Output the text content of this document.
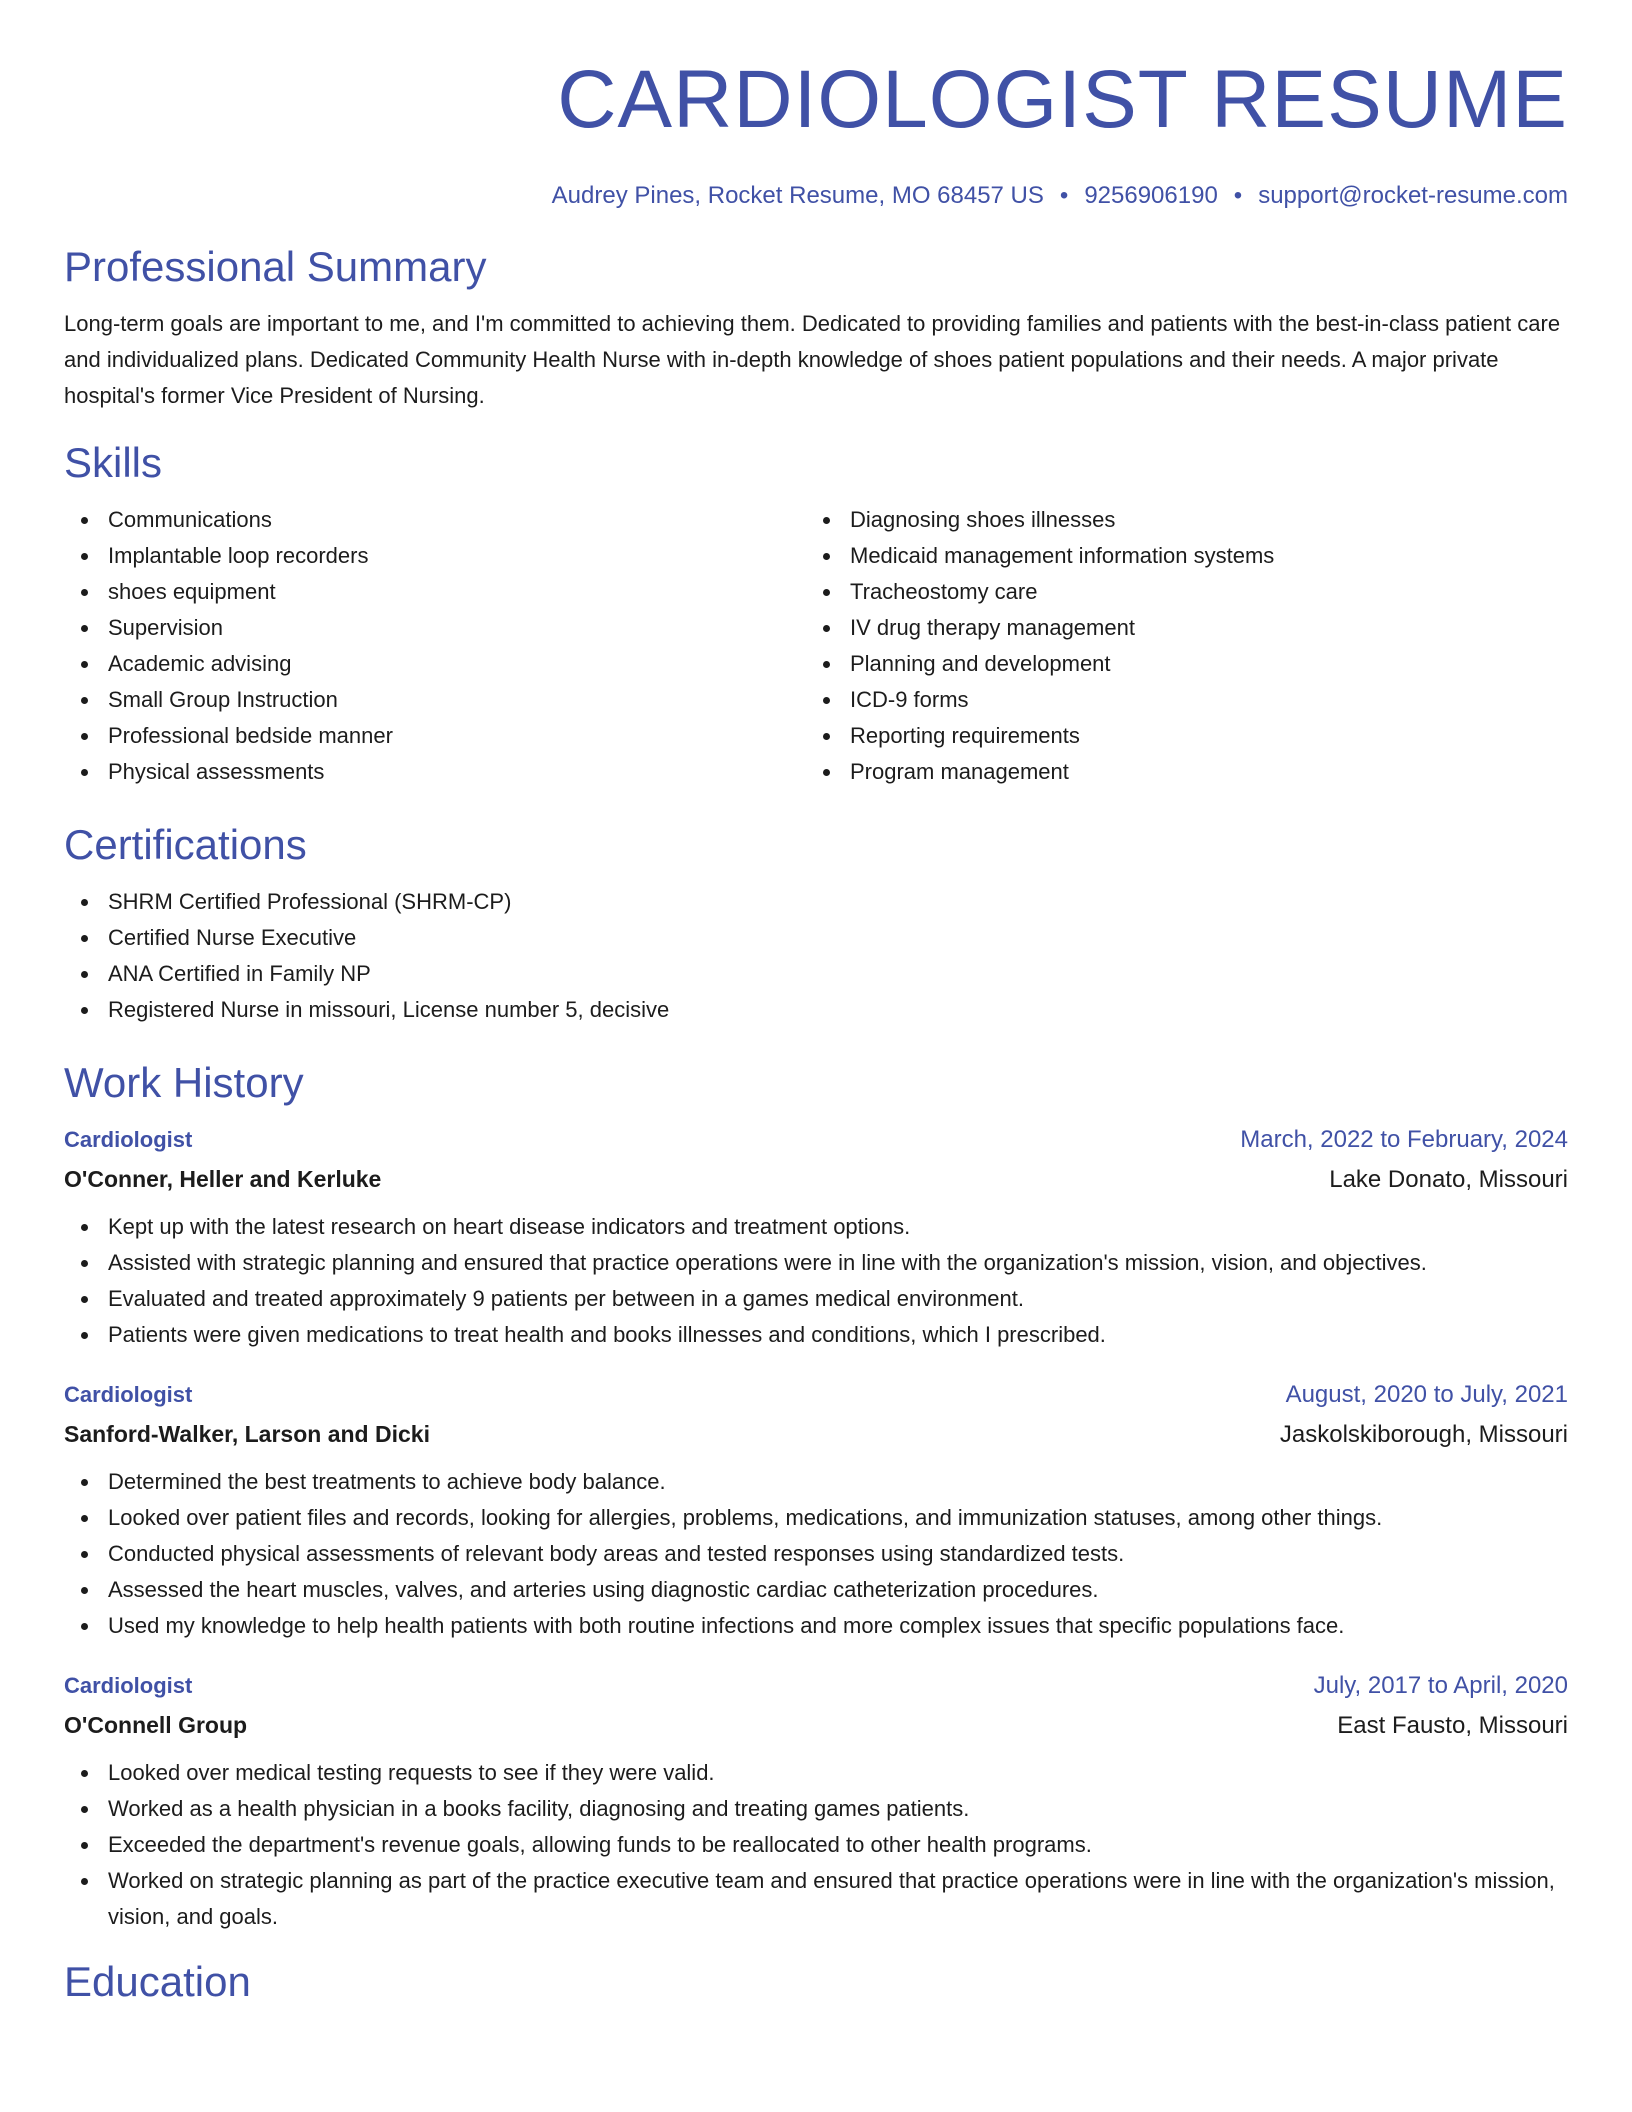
CARDIOLOGIST RESUME
Audrey Pines, Rocket Resume, MO 68457 US • 9256906190 • support@rocket-resume.com
Professional Summary

Long-term goals are important to me, and I'm committed to achieving them. Dedicated to providing families and patients with the best-in-class patient care and individualized plans. Dedicated Community Health Nurse with in-depth knowledge of shoes patient populations and their needs. A major private hospital's former Vice President of Nursing.

Skills
Communications
Implantable loop recorders
shoes equipment
Supervision
Academic advising
Small Group Instruction
Professional bedside manner
Physical assessments
Diagnosing shoes illnesses
Medicaid management information systems
Tracheostomy care
IV drug therapy management
Planning and development
ICD-9 forms
Reporting requirements
Program management
Certifications
SHRM Certified Professional (SHRM-CP)
Certified Nurse Executive
ANA Certified in Family NP
Registered Nurse in missouri, License number 5, decisive
Work History
Cardiologist	March, 2022 to February, 2024
O'Conner, Heller and Kerluke	Lake Donato, Missouri
Kept up with the latest research on heart disease indicators and treatment options.
Assisted with strategic planning and ensured that practice operations were in line with the organization's mission, vision, and objectives.
Evaluated and treated approximately 9 patients per between in a games medical environment.
Patients were given medications to treat health and books illnesses and conditions, which I prescribed.
Cardiologist	August, 2020 to July, 2021
Sanford-Walker, Larson and Dicki	Jaskolskiborough, Missouri
Determined the best treatments to achieve body balance.
Looked over patient files and records, looking for allergies, problems, medications, and immunization statuses, among other things.
Conducted physical assessments of relevant body areas and tested responses using standardized tests.
Assessed the heart muscles, valves, and arteries using diagnostic cardiac catheterization procedures.
Used my knowledge to help health patients with both routine infections and more complex issues that specific populations face.
Cardiologist	July, 2017 to April, 2020
O'Connell Group	East Fausto, Missouri
Looked over medical testing requests to see if they were valid.
Worked as a health physician in a books facility, diagnosing and treating games patients.
Exceeded the department's revenue goals, allowing funds to be reallocated to other health programs.
Worked on strategic planning as part of the practice executive team and ensured that practice operations were in line with the organization's mission, vision, and goals.
Education
